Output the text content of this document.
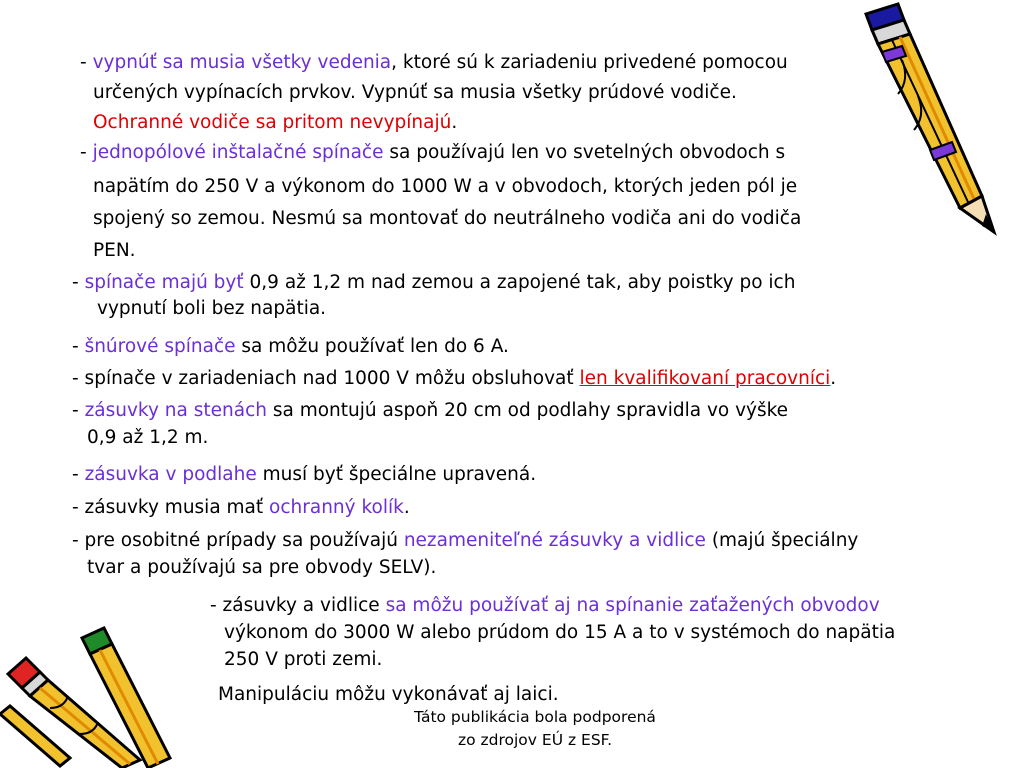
- vypnúť sa musia všetky vedenia, ktoré sú k zariadeniu privedené pomocou
určených vypínacích prvkov. Vypnúť sa musia všetky prúdové vodiče.
Ochranné vodiče sa pritom nevypínajú.
- jednopólové inštalačné spínače sa používajú len vo svetelných obvodoch s
napätím do 250 V a výkonom do 1000 W a v obvodoch, ktorých jeden pól je
spojený so zemou. Nesmú sa montovať do neutrálneho vodiča ani do vodiča
PEN.
- spínače majú byť 0,9 až 1,2 m nad zemou a zapojené tak, aby poistky po ich
vypnutí boli bez napätia.
- šnúrové spínače sa môžu používať len do 6 A.
- spínače v zariadeniach nad 1000 V môžu obsluhovať len kvalifikovaní pracovníci.
- zásuvky na stenách sa montujú aspoň 20 cm od podlahy spravidla vo výške
0,9 až 1,2 m.
- zásuvka v podlahe musí byť špeciálne upravená.
- zásuvky musia mať ochranný kolík.
- pre osobitné prípady sa používajú nezameniteľné zásuvky a vidlice (majú špeciálny
tvar a používajú sa pre obvody SELV).
- zásuvky a vidlice sa môžu používať aj na spínanie zaťažených obvodov
výkonom do 3000 W alebo prúdom do 15 A a to v systémoch do napätia
250 V proti zemi.
Manipuláciu môžu vykonávať aj laici.
Táto publikácia bola podporená
zo zdrojov EÚ z ESF.
